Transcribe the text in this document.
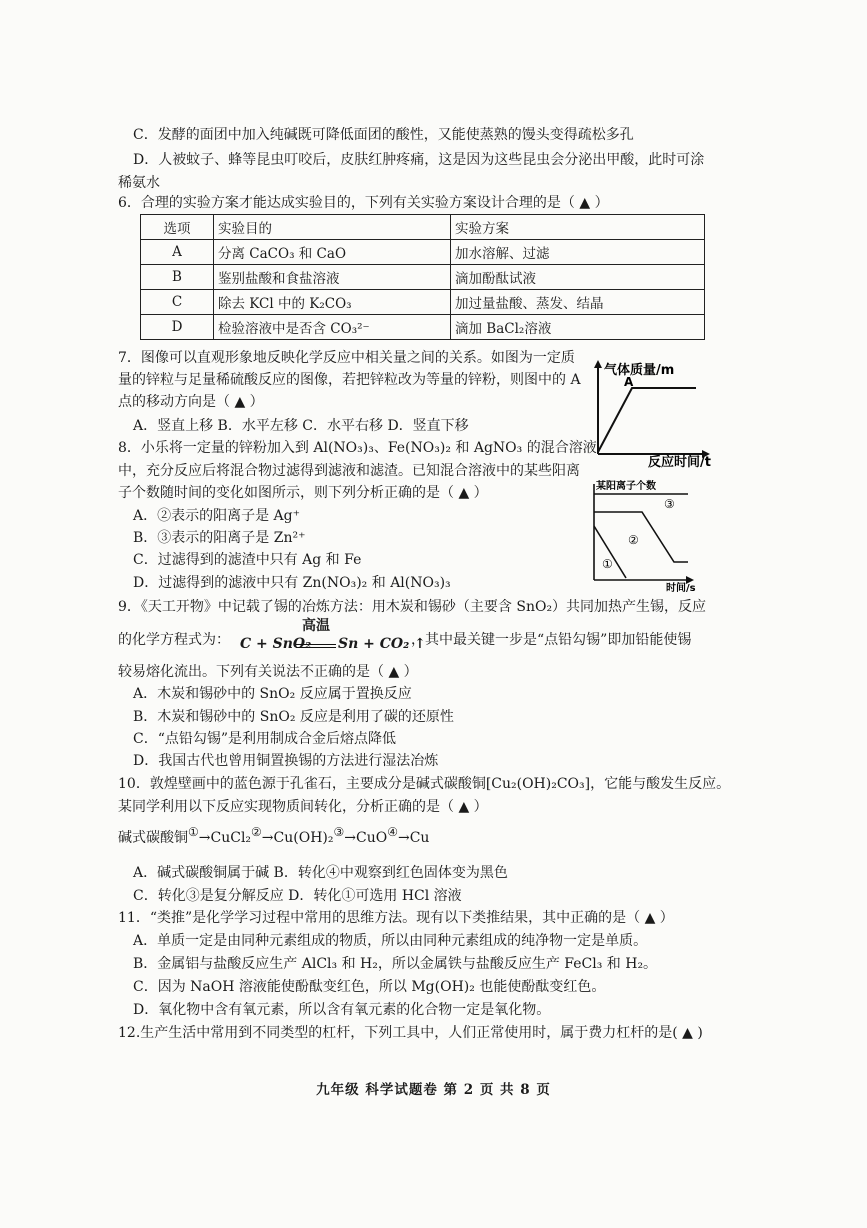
C．发酵的面团中加入纯碱既可降低面团的酸性，又能使蒸熟的馒头变得疏松多孔
D．人被蚊子、蜂等昆虫叮咬后，皮肤红肿疼痛，这是因为这些昆虫会分泌出甲酸，此时可涂
稀氨水
6．合理的实验方案才能达成实验目的，下列有关实验方案设计合理的是（ ▲ ）
选项	实验目的	实验方案
A	分离 CaCO₃ 和 CaO	加水溶解、过滤
B	鉴别盐酸和食盐溶液	滴加酚酞试液
C	除去 KCl 中的 K₂CO₃	加过量盐酸、蒸发、结晶
D	检验溶液中是否含 CO₃²⁻	滴加 BaCl₂溶液
7．图像可以直观形象地反映化学反应中相关量之间的关系。如图为一定质
量的锌粒与足量稀硫酸反应的图像，若把锌粒改为等量的锌粉，则图中的 A
点的移动方向是（ ▲ ）
A．竖直上移 B．水平左移 C．水平右移 D．竖直下移
气体质量/m
A
反应时间/t
8．小乐将一定量的锌粉加入到 Al(NO₃)₃、Fe(NO₃)₂ 和 AgNO₃ 的混合溶液
中，充分反应后将混合物过滤得到滤液和滤渣。已知混合溶液中的某些阳离
子个数随时间的变化如图所示，则下列分析正确的是（ ▲ ）
A．②表示的阳离子是 Ag⁺
B．③表示的阳离子是 Zn²⁺
C．过滤得到的滤渣中只有 Ag 和 Fe
D．过滤得到的滤液中只有 Zn(NO₃)₂ 和 Al(NO₃)₃
某阳离子个数
①
②
③
时间/s
9．《天工开物》中记载了锡的冶炼方法：用木炭和锡砂（主要含 SnO₂）共同加热产生锡，反应
的化学方程式为： C + SnO₂
高温
Sn + CO₂ ↑
，其中最关键一步是“点铅勾锡”即加铅能使锡
较易熔化流出。下列有关说法不正确的是（ ▲ ）
A．木炭和锡砂中的 SnO₂ 反应属于置换反应
B．木炭和锡砂中的 SnO₂ 反应是利用了碳的还原性
C．“点铅勾锡”是利用制成合金后熔点降低
D．我国古代也曾用铜置换锡的方法进行湿法冶炼
10．敦煌壁画中的蓝色源于孔雀石，主要成分是碱式碳酸铜[Cu₂(OH)₂CO₃]，它能与酸发生反应。
某同学利用以下反应实现物质间转化，分析正确的是（ ▲ ）
碱式碳酸铜①→CuCl₂②→Cu(OH)₂③→CuO④→Cu
A．碱式碳酸铜属于碱 B．转化④中观察到红色固体变为黑色
C．转化③是复分解反应 D．转化①可选用 HCl 溶液
11．“类推”是化学学习过程中常用的思维方法。现有以下类推结果，其中正确的是（ ▲ ）
A．单质一定是由同种元素组成的物质，所以由同种元素组成的纯净物一定是单质。
B．金属铝与盐酸反应生产 AlCl₃ 和 H₂，所以金属铁与盐酸反应生产 FeCl₃ 和 H₂。
C．因为 NaOH 溶液能使酚酞变红色，所以 Mg(OH)₂ 也能使酚酞变红色。
D．氧化物中含有氧元素，所以含有氧元素的化合物一定是氧化物。
12.生产生活中常用到不同类型的杠杆，下列工具中，人们正常使用时，属于费力杠杆的是( ▲ )
九年级 科学试题卷 第 2 页 共 8 页
